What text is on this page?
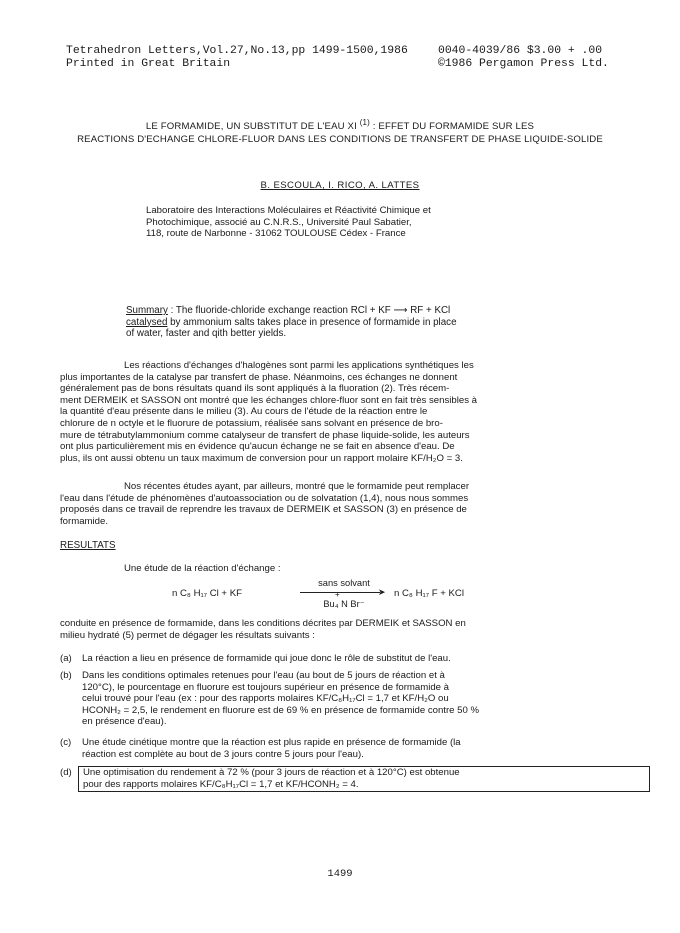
Tetrahedron Letters,Vol.27,No.13,pp 1499-1500,1986	0040-4039/86 $3.00 + .00
Printed in Great Britain	©1986 Pergamon Press Ltd.
LE FORMAMIDE, UN SUBSTITUT DE L'EAU XI $^{(1)}$ : EFFET DU FORMAMIDE SUR LES
REACTIONS D'ECHANGE CHLORE-FLUOR DANS LES CONDITIONS DE TRANSFERT DE PHASE LIQUIDE-SOLIDE
B. ESCOULA, I. RICO, A. LATTES
Laboratoire des Interactions Moléculaires et Réactivité Chimique et
Photochimique, associé au C.N.R.S., Université Paul Sabatier,
118, route de Narbonne - 31062 TOULOUSE Cédex - France
Summary : The fluoride-chloride exchange reaction RCl + KF ⟶ RF + KCl
catalysed by ammonium salts takes place in presence of formamide in place
of water, faster and qith better yields.
Les réactions d'échanges d'halogènes sont parmi les applications synthétiques les
plus importantes de la catalyse par transfert de phase. Néanmoins, ces échanges ne donnent
généralement pas de bons résultats quand ils sont appliqués à la fluoration (2). Très récem-
ment DERMEIK et SASSON ont montré que les échanges chlore-fluor sont en fait très sensibles à
la quantité d'eau présente dans le milieu (3). Au cours de l'étude de la réaction entre le
chlorure de n octyle et le fluorure de potassium, réalisée sans solvant en présence de bro-
mure de tétrabutylammonium comme catalyseur de transfert de phase liquide-solide, les auteurs
ont plus particulièrement mis en évidence qu'aucun échange ne se fait en absence d'eau. De
plus, ils ont aussi obtenu un taux maximum de conversion pour un rapport molaire KF/H₂O = 3.
Nos récentes études ayant, par ailleurs, montré que le formamide peut remplacer
l'eau dans l'étude de phénomènes d'autoassociation ou de solvatation (1,4), nous nous sommes
proposés dans ce travail de reprendre les travaux de DERMEIK et SASSON (3) en présence de
formamide.
RESULTATS
Une étude de la réaction d'échange :
n C₈ H₁₇ Cl + KF
sans solvant
➤
+
Bu₄ N Br⁻
n C₈ H₁₇ F + KCl
conduite en présence de formamide, dans les conditions décrites par DERMEIK et SASSON en
milieu hydraté (5) permet de dégager les résultats suivants :
(a) La réaction a lieu en présence de formamide qui joue donc le rôle de substitut de l'eau.
(b) Dans les conditions optimales retenues pour l'eau (au bout de 5 jours de réaction et à
120°C), le pourcentage en fluorure est toujours supérieur en présence de formamide à
celui trouvé pour l'eau (ex : pour des rapports molaires KF/C₈H₁₇Cl = 1,7 et KF/H₂O ou
HCONH₂ = 2,5, le rendement en fluorure est de 69 % en présence de formamide contre 50 %
en présence d'eau).
(c) Une étude cinétique montre que la réaction est plus rapide en présence de formamide (la
réaction est complète au bout de 3 jours contre 5 jours pour l'eau).
(d) Une optimisation du rendement à 72 % (pour 3 jours de réaction et à 120°C) est obtenue
pour des rapports molaires KF/C₈H₁₇Cl = 1,7 et KF/HCONH₂ = 4.
1499
